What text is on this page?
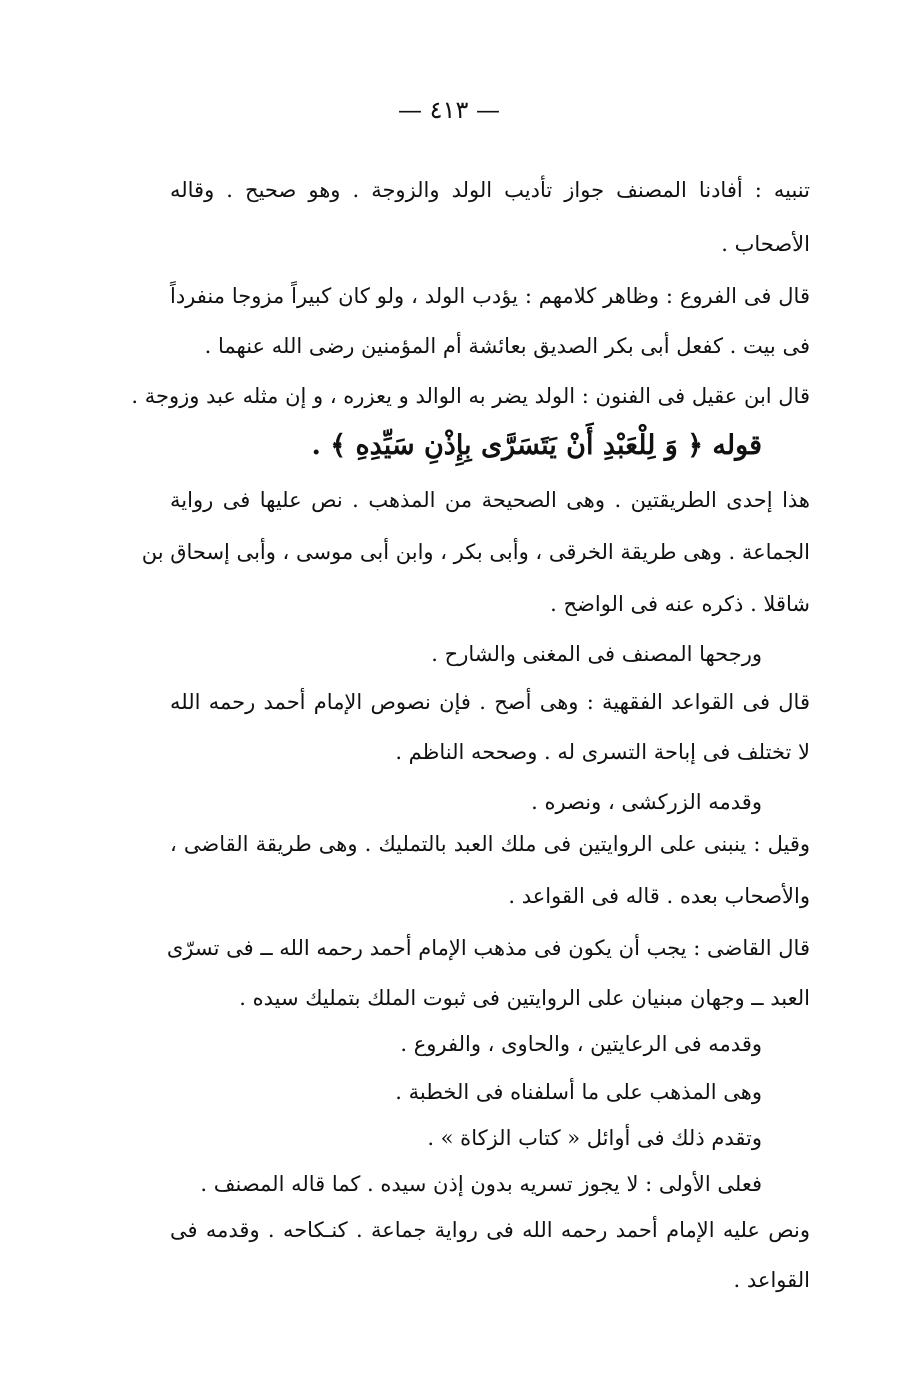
— ٤١٣ —
تنبيه : أفادنا المصنف جواز تأديب الولد والزوجة . وهو صحيح . وقاله
الأصحاب .
قال فى الفروع : وظاهر كلامهم : يؤدب الولد ، ولو كان كبيراً مزوجا منفرداً
فى بيت . كفعل أبى بكر الصديق بعائشة أم المؤمنين رضى الله عنهما .
قال ابن عقيل فى الفنون : الولد يضر به الوالد و يعزره ، و إن مثله عبد وزوجة .
قوله ﴿ وَ لِلْعَبْدِ أَنْ يَتَسَرَّى بِإِذْنِ سَيِّدِهِ ﴾ .
هذا إحدى الطريقتين . وهى الصحيحة من المذهب . نص عليها فى رواية
الجماعة . وهى طريقة الخرقى ، وأبى بكر ، وابن أبى موسى ، وأبى إسحاق بن
شاقلا . ذكره عنه فى الواضح .
ورجحها المصنف فى المغنى والشارح .
قال فى القواعد الفقهية : وهى أصح . فإن نصوص الإمام أحمد رحمه الله
لا تختلف فى إباحة التسرى له . وصححه الناظم .
وقدمه الزركشى ، ونصره .
وقيل : ينبنى على الروايتين فى ملك العبد بالتمليك . وهى طريقة القاضى ،
والأصحاب بعده . قاله فى القواعد .
قال القاضى : يجب أن يكون فى مذهب الإمام أحمد رحمه الله ــ فى تسرّى
العبد ــ وجهان مبنيان على الروايتين فى ثبوت الملك بتمليك سيده .
وقدمه فى الرعايتين ، والحاوى ، والفروع .
وهى المذهب على ما أسلفناه فى الخطبة .
وتقدم ذلك فى أوائل « كتاب الزكاة » .
فعلى الأولى : لا يجوز تسريه بدون إذن سيده . كما قاله المصنف .
ونص عليه الإمام أحمد رحمه الله فى رواية جماعة . كنـكاحه . وقدمه فى
القواعد .
